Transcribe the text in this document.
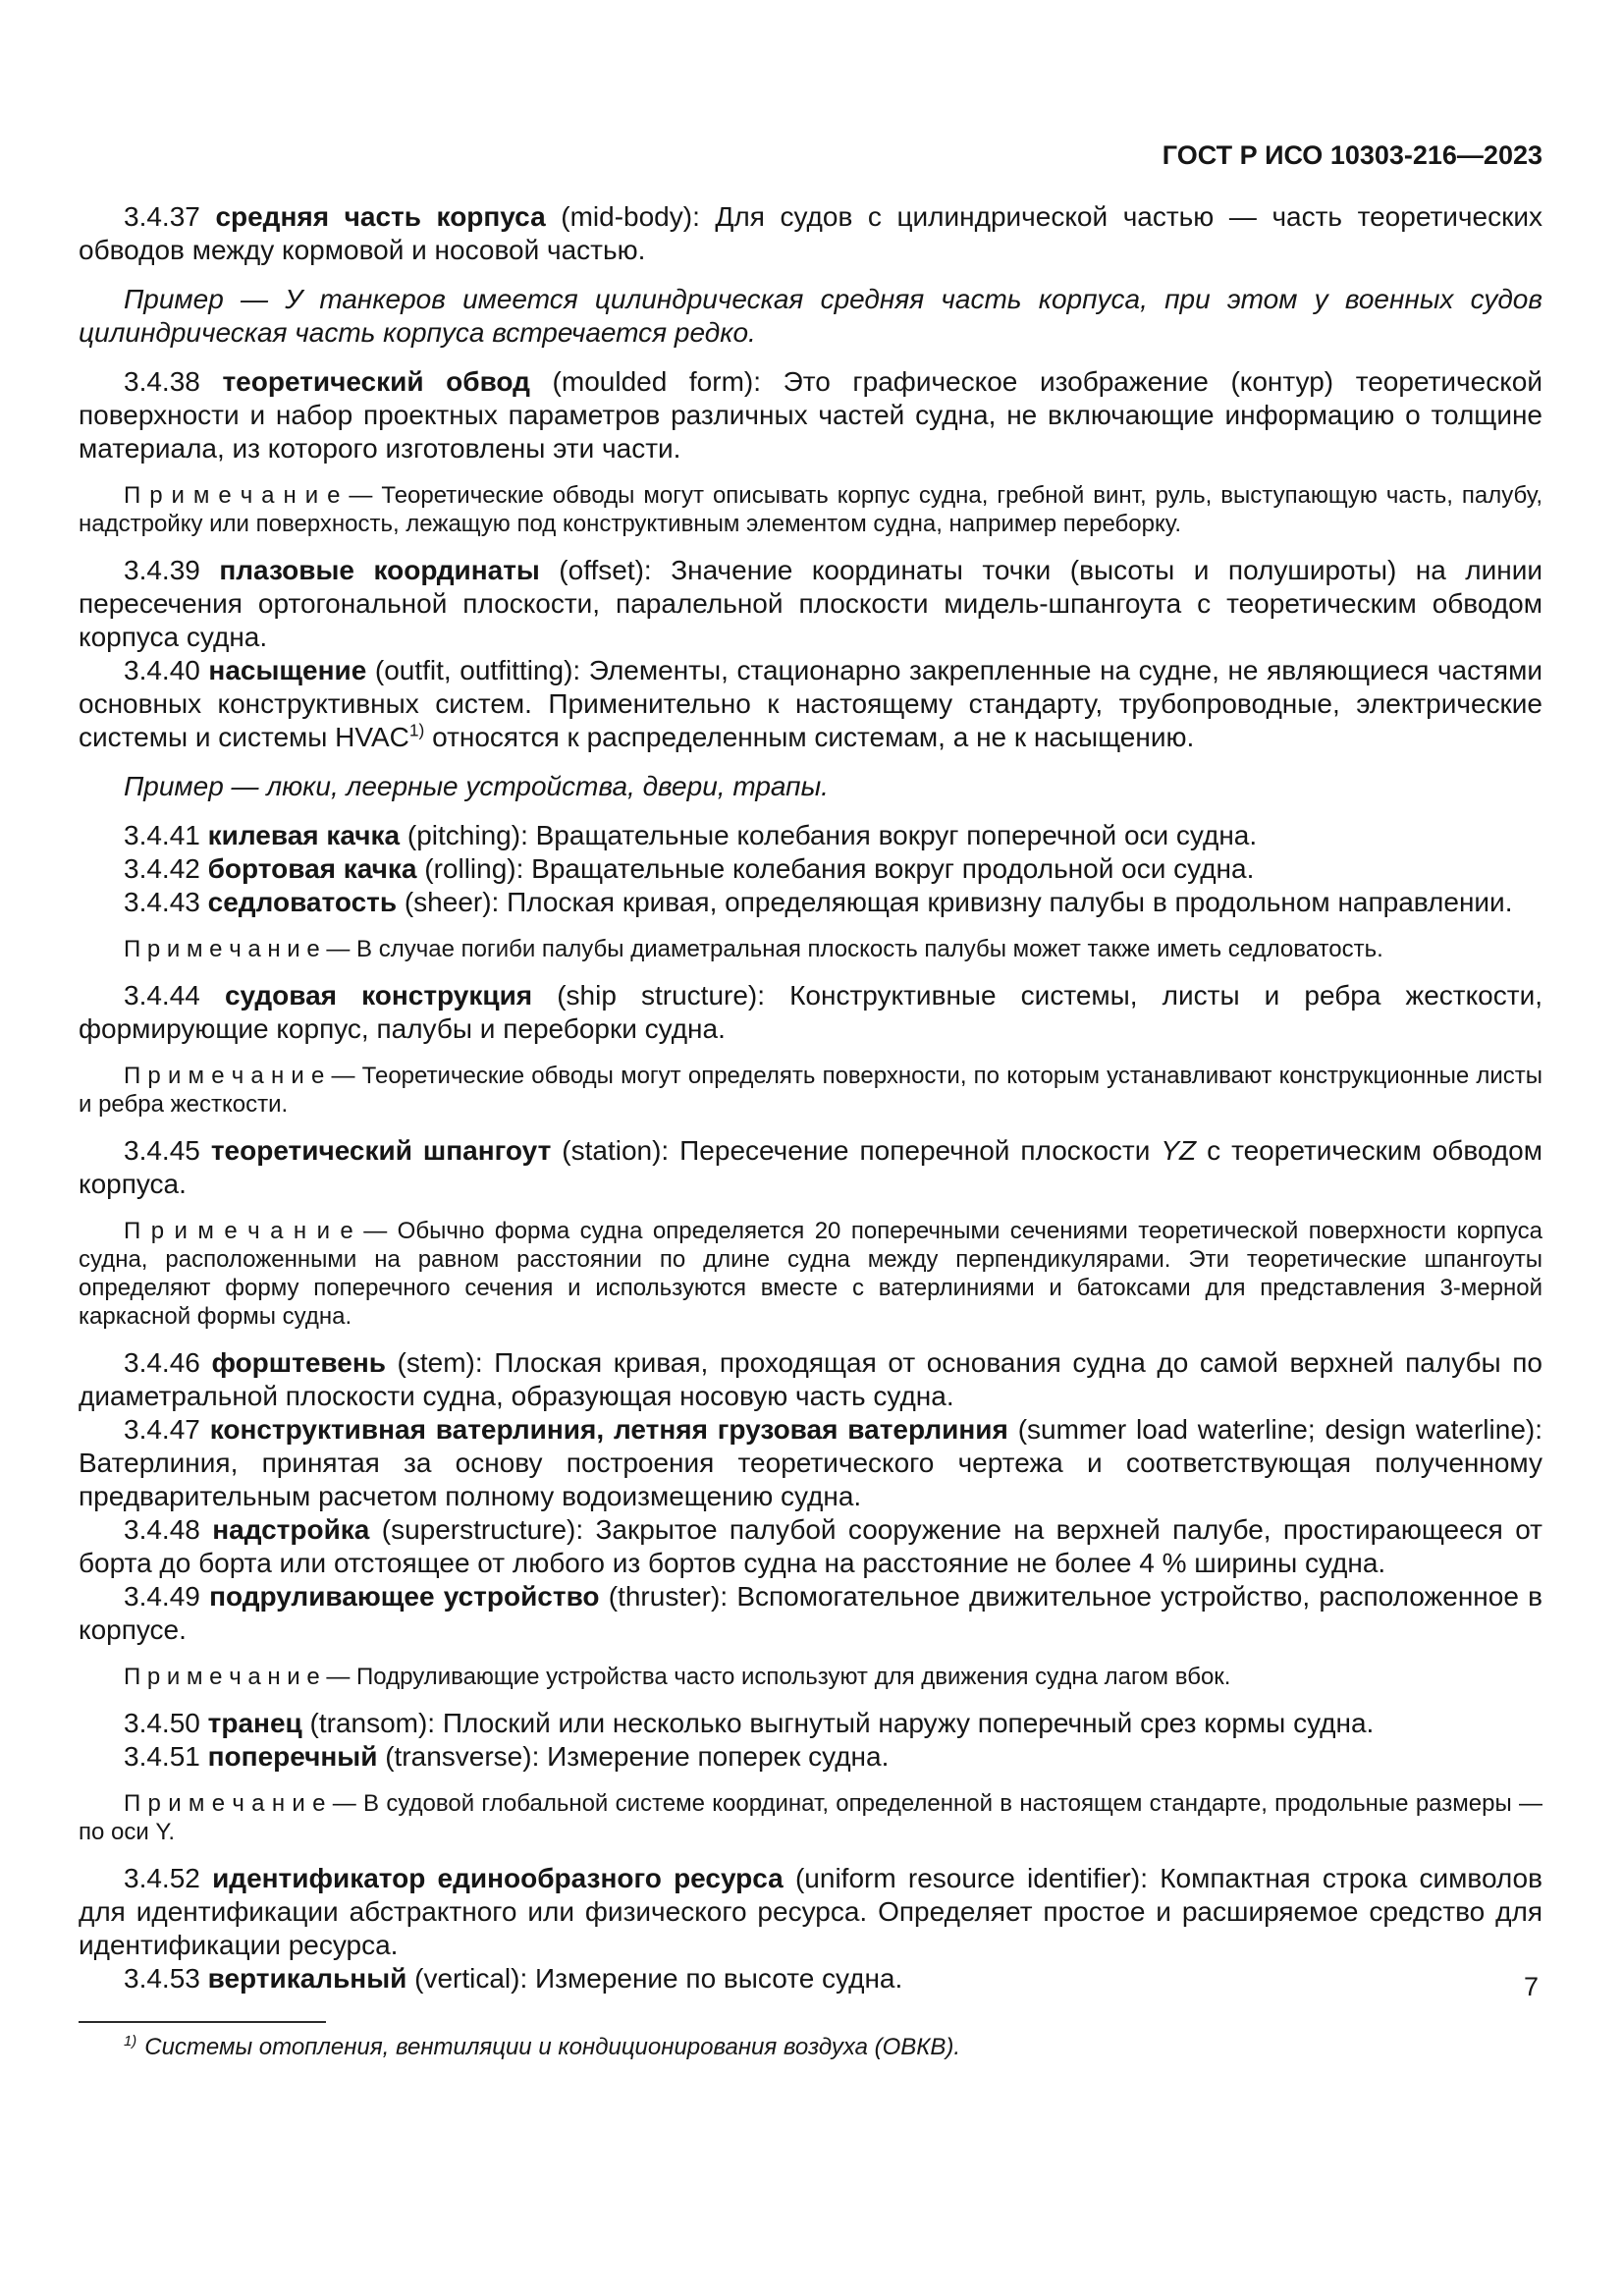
ГОСТ Р ИСО 10303-216—2023

3.4.37 средняя часть корпуса (mid-body): Для судов с цилиндрической частью — часть теоретических обводов между кормовой и носовой частью.

Пример — У танкеров имеется цилиндрическая средняя часть корпуса, при этом у военных судов цилиндрическая часть корпуса встречается редко.

3.4.38 теоретический обвод (moulded form): Это графическое изображение (контур) теоретической поверхности и набор проектных параметров различных частей судна, не включающие информацию о толщине материала, из которого изготовлены эти части.

П р и м е ч а н и е — Теоретические обводы могут описывать корпус судна, гребной винт, руль, выступающую часть, палубу, надстройку или поверхность, лежащую под конструктивным элементом судна, например переборку.

3.4.39 плазовые координаты (offset): Значение координаты точки (высоты и полушироты) на линии пересечения ортогональной плоскости, паралельной плоскости мидель-шпангоута с теоретическим обводом корпуса судна.

3.4.40 насыщение (outfit, outfitting): Элементы, стационарно закрепленные на судне, не являющиеся частями основных конструктивных систем. Применительно к настоящему стандарту, трубопроводные, электрические системы и системы HVAC$^{1)}$ относятся к распределенным системам, а не к насыщению.

Пример — люки, леерные устройства, двери, трапы.

3.4.41 килевая качка (pitching): Вращательные колебания вокруг поперечной оси судна.

3.4.42 бортовая качка (rolling): Вращательные колебания вокруг продольной оси судна.

3.4.43 седловатость (sheer): Плоская кривая, определяющая кривизну палубы в продольном направлении.

П р и м е ч а н и е — В случае погиби палубы диаметральная плоскость палубы может также иметь седловатость.

3.4.44 судовая конструкция (ship structure): Конструктивные системы, листы и ребра жесткости, формирующие корпус, палубы и переборки судна.

П р и м е ч а н и е — Теоретические обводы могут определять поверхности, по которым устанавливают конструкционные листы и ребра жесткости.

3.4.45 теоретический шпангоут (station): Пересечение поперечной плоскости YZ с теоретическим обводом корпуса.

П р и м е ч а н и е — Обычно форма судна определяется 20 поперечными сечениями теоретической поверхности корпуса судна, расположенными на равном расстоянии по длине судна между перпендикулярами. Эти теоретические шпангоуты определяют форму поперечного сечения и используются вместе с ватерлиниями и батоксами для представления 3-мерной каркасной формы судна.

3.4.46 форштевень (stem): Плоская кривая, проходящая от основания судна до самой верхней палубы по диаметральной плоскости судна, образующая носовую часть судна.

3.4.47 конструктивная ватерлиния, летняя грузовая ватерлиния (summer load waterline; design waterline): Ватерлиния, принятая за основу построения теоретического чертежа и соответствующая полученному предварительным расчетом полному водоизмещению судна.

3.4.48 надстройка (superstructure): Закрытое палубой сооружение на верхней палубе, простирающееся от борта до борта или отстоящее от любого из бортов судна на расстояние не более 4 % ширины судна.

3.4.49 подруливающее устройство (thruster): Вспомогательное движительное устройство, расположенное в корпусе.

П р и м е ч а н и е — Подруливающие устройства часто используют для движения судна лагом вбок.

3.4.50 транец (transom): Плоский или несколько выгнутый наружу поперечный срез кормы судна.

3.4.51 поперечный (transverse): Измерение поперек судна.

П р и м е ч а н и е — В судовой глобальной системе координат, определенной в настоящем стандарте, продольные размеры — по оси Y.

3.4.52 идентификатор единообразного ресурса (uniform resource identifier): Компактная строка символов для идентификации абстрактного или физического ресурса. Определяет простое и расширяемое средство для идентификации ресурса.

3.4.53 вертикальный (vertical): Измерение по высоте судна.

$^{1)}$ Системы отопления, вентиляции и кондиционирования воздуха (ОВКВ).

7
